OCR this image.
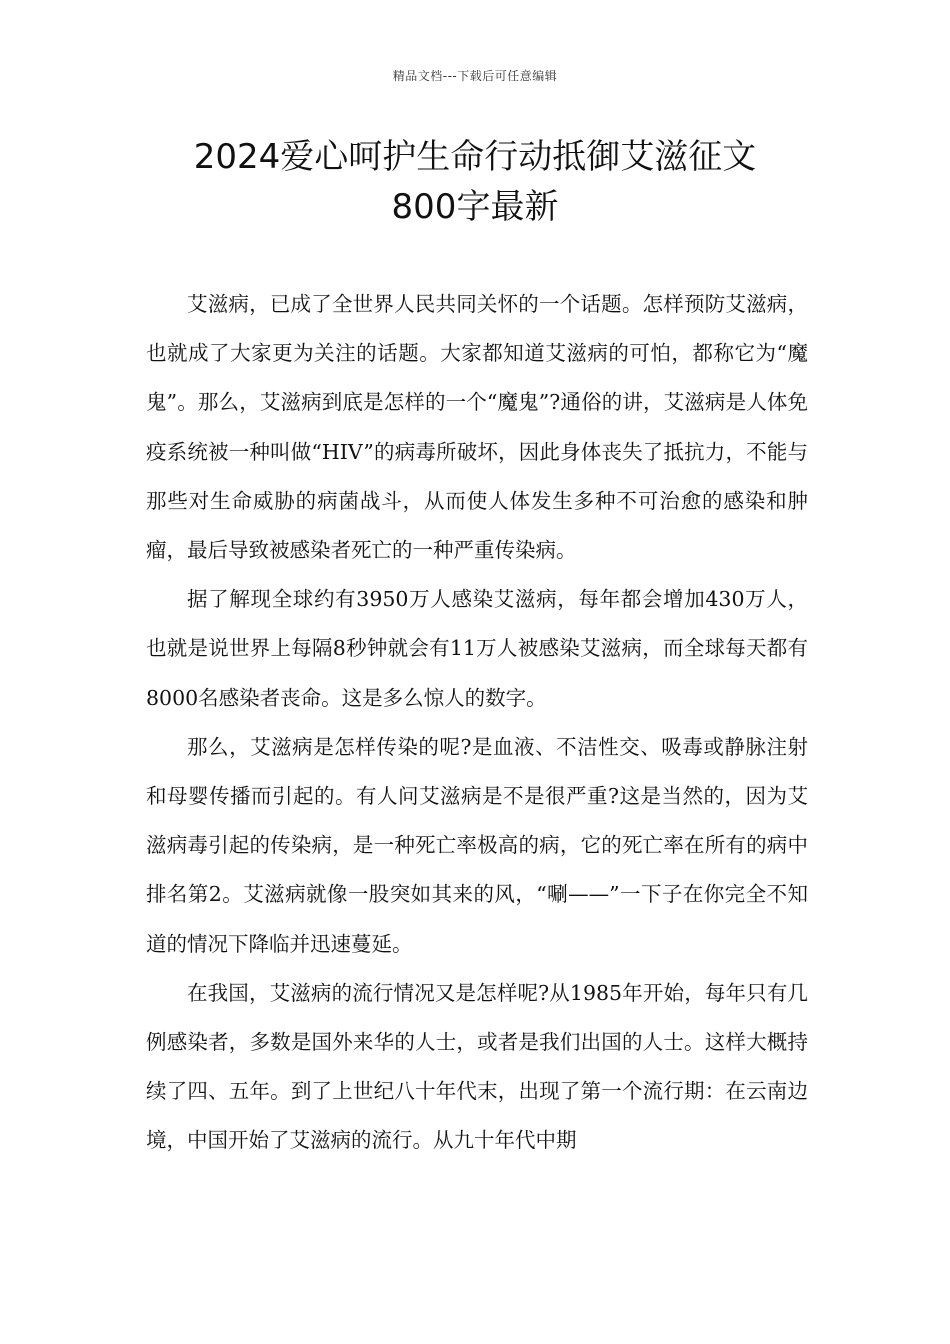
精品文档---下载后可任意编辑
2024爱心呵护生命行动抵御艾滋征文
800字最新

艾滋病，已成了全世界人民共同关怀的一个话题。怎样预防艾滋病，也就成了大家更为关注的话题。大家都知道艾滋病的可怕，都称它为“魔鬼”。那么，艾滋病到底是怎样的一个“魔鬼”?通俗的讲，艾滋病是人体免疫系统被一种叫做“HIV”的病毒所破坏，因此身体丧失了抵抗力，不能与那些对生命威胁的病菌战斗，从而使人体发生多种不可治愈的感染和肿瘤，最后导致被感染者死亡的一种严重传染病。

据了解现全球约有3950万人感染艾滋病，每年都会增加430万人，也就是说世界上每隔8秒钟就会有11万人被感染艾滋病，而全球每天都有8000名感染者丧命。这是多么惊人的数字。

那么，艾滋病是怎样传染的呢?是血液、不洁性交、吸毒或静脉注射和母婴传播而引起的。有人问艾滋病是不是很严重?这是当然的，因为艾滋病毒引起的传染病，是一种死亡率极高的病，它的死亡率在所有的病中排名第2。艾滋病就像一股突如其来的风，“唰——”一下子在你完全不知道的情况下降临并迅速蔓延。

在我国，艾滋病的流行情况又是怎样呢?从1985年开始，每年只有几例感染者，多数是国外来华的人士，或者是我们出国的人士。这样大概持续了四、五年。到了上世纪八十年代末，出现了第一个流行期：在云南边境，中国开始了艾滋病的流行。从九十年代中期
